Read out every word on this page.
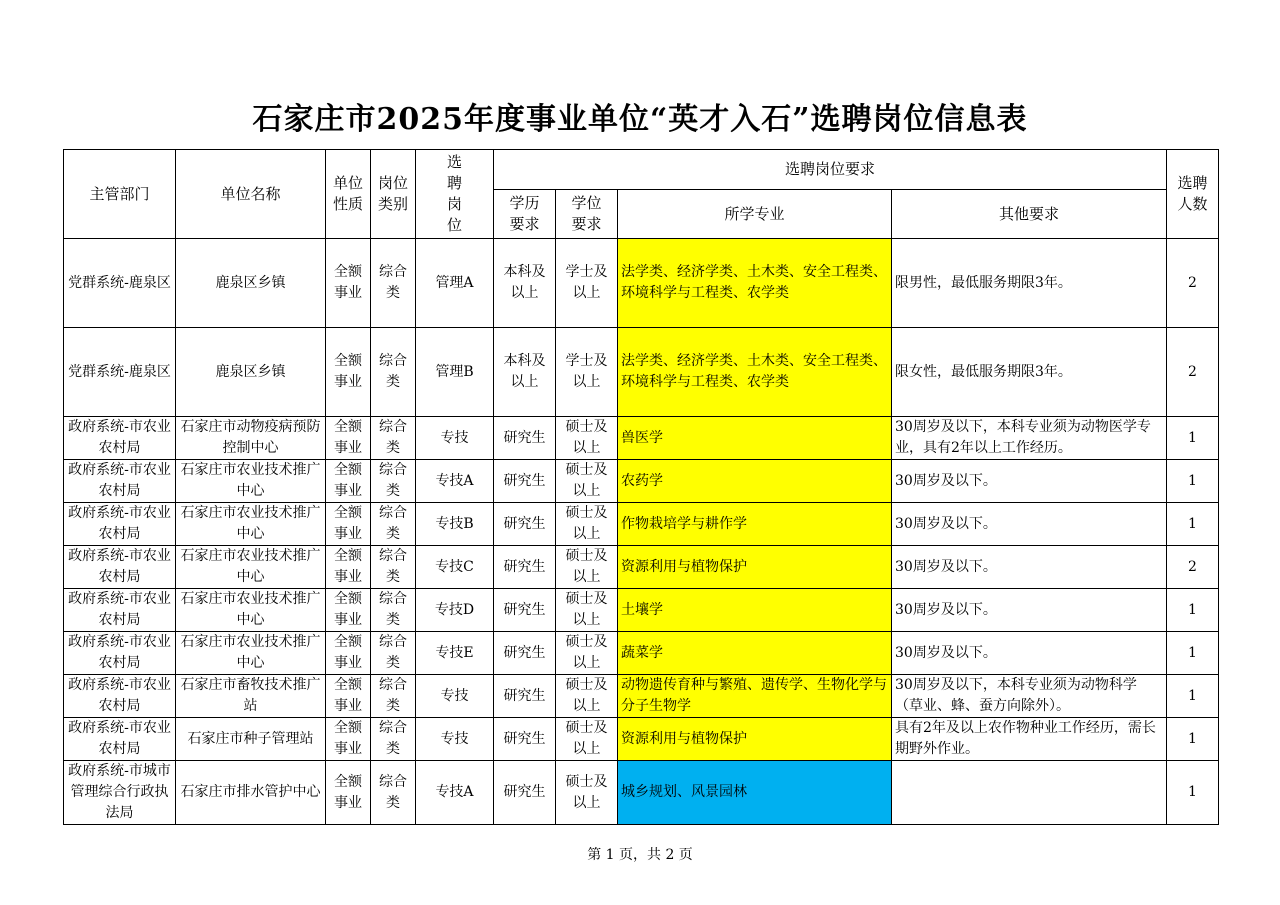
石家庄市2025年度事业单位“英才入石”选聘岗位信息表
主管部门	单位名称	单位性质	岗位类别	选聘岗位	选聘岗位要求				选聘人数
					学历要求	学位要求	所学专业	其他要求	
党群系统-鹿泉区	鹿泉区乡镇	全额事业	综合类	管理A	本科及以上	学士及以上	法学类、经济学类、土木类、安全工程类、环境科学与工程类、农学类	限男性，最低服务期限3年。	2
党群系统-鹿泉区	鹿泉区乡镇	全额事业	综合类	管理B	本科及以上	学士及以上	法学类、经济学类、土木类、安全工程类、环境科学与工程类、农学类	限女性，最低服务期限3年。	2
政府系统-市农业农村局	石家庄市动物疫病预防控制中心	全额事业	综合类	专技	研究生	硕士及以上	兽医学	30周岁及以下，本科专业须为动物医学专业，具有2年以上工作经历。	1
政府系统-市农业农村局	石家庄市农业技术推广中心	全额事业	综合类	专技A	研究生	硕士及以上	农药学	30周岁及以下。	1
政府系统-市农业农村局	石家庄市农业技术推广中心	全额事业	综合类	专技B	研究生	硕士及以上	作物栽培学与耕作学	30周岁及以下。	1
政府系统-市农业农村局	石家庄市农业技术推广中心	全额事业	综合类	专技C	研究生	硕士及以上	资源利用与植物保护	30周岁及以下。	2
政府系统-市农业农村局	石家庄市农业技术推广中心	全额事业	综合类	专技D	研究生	硕士及以上	土壤学	30周岁及以下。	1
政府系统-市农业农村局	石家庄市农业技术推广中心	全额事业	综合类	专技E	研究生	硕士及以上	蔬菜学	30周岁及以下。	1
政府系统-市农业农村局	石家庄市畜牧技术推广站	全额事业	综合类	专技	研究生	硕士及以上	动物遗传育种与繁殖、遗传学、生物化学与分子生物学	30周岁及以下，本科专业须为动物科学（草业、蜂、蚕方向除外）。	1
政府系统-市农业农村局	石家庄市种子管理站	全额事业	综合类	专技	研究生	硕士及以上	资源利用与植物保护	具有2年及以上农作物种业工作经历，需长期野外作业。	1
政府系统-市城市管理综合行政执法局	石家庄市排水管护中心	全额事业	综合类	专技A	研究生	硕士及以上	城乡规划、风景园林		1
第 1 页，共 2 页
